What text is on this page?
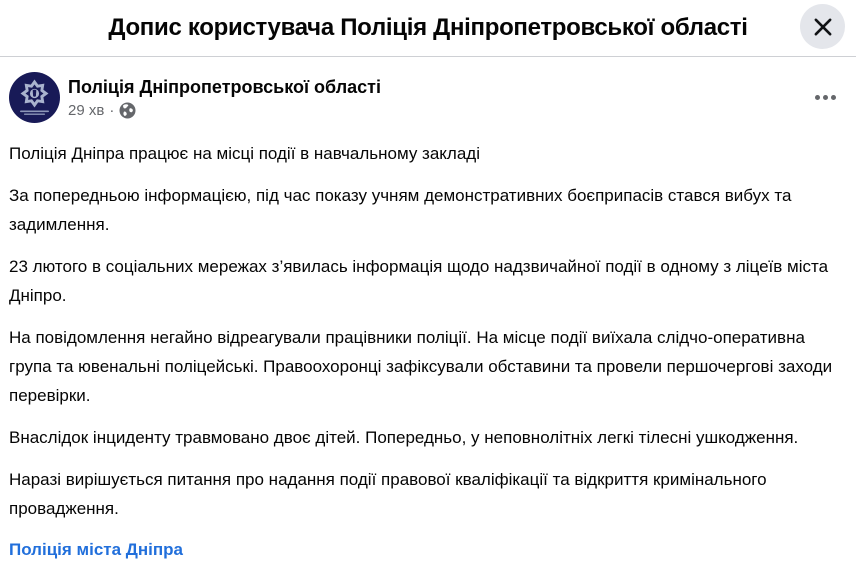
Допис користувача Поліція Дніпропетровської області
Поліція Дніпропетровської області
29 хв ·

Поліція Дніпра працює на місці події в навчальному закладі

За попередньою інформацією, під час показу учням демонстративних боєприпасів стався вибух та задимлення.

23 лютого в соціальних мережах з’явилась інформація щодо надзвичайної події в одному з ліцеїв міста Дніпро.

На повідомлення негайно відреагували працівники поліції. На місце події виїхала слідчо-оперативна група та ювенальні поліцейські. Правоохоронці зафіксували обставини та провели першочергові заходи перевірки.

Внаслідок інциденту травмовано двоє дітей. Попередньо, у неповнолітніх легкі тілесні ушкодження.

Наразі вирішується питання про надання події правової кваліфікації та відкриття кримінального провадження.

Поліція міста Дніпра
